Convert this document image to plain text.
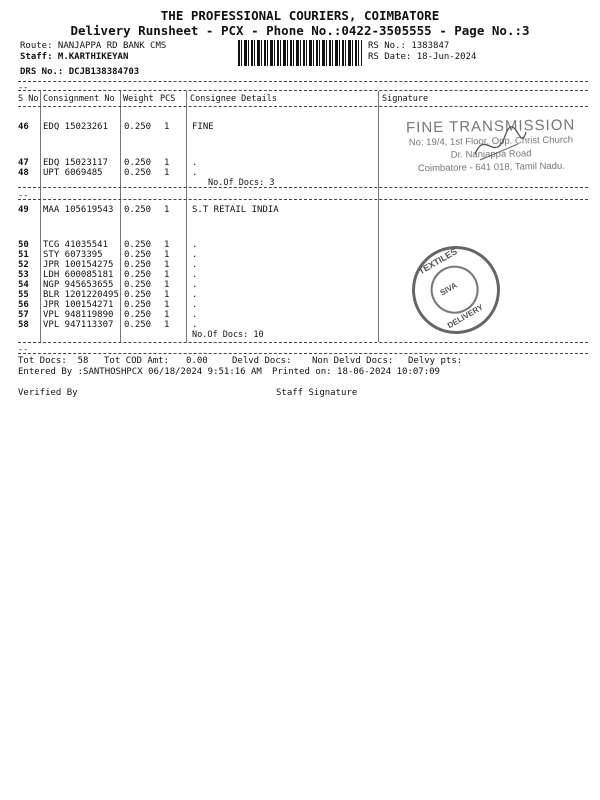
THE PROFESSIONAL COURIERS, COIMBATORE
Delivery Runsheet - PCX - Phone No.:0422-3505555 - Page No.:3
Route: NANJAPPA RD BANK CMS
Staff: M.KARTHIKEYAN
DRS No.: DCJB138384703
RS No.: 1383847
RS Date: 18-Jun-2024
--
S No Consignment No Weight PCS Consignee Details	Signature
46 EDQ 15023261 0.250 1	FINE
47 EDQ 15023117 0.250 1	.
48 UPT 6069485 0.250 1	.
No.Of Docs: 3
--
49 MAA 105619543 0.250 1	S.T RETAIL INDIA
50 TCG 41035541 0.250 1	.
51 STY 6073395 0.250 1	.
52 JPR 100154275 0.250 1	.
53 LDH 600085181 0.250 1	.
54 NGP 945653655 0.250 1	.
55 BLR 1201220495 0.250 1	.
56 JPR 100154271 0.250 1	.
57 VPL 948119890 0.250 1	.
58 VPL 947113307 0.250 1	.
No.Of Docs: 10
--
Tot Docs:  58 Tot COD Amt: 0.00	Delvd Docs: Non Delvd Docs: Delvy pts:
Entered By :SANTHOSHPCX 06/18/2024 9:51:16 AM Printed on: 18-06-2024 10:07:09
Verified By	Staff Signature
FINE TRANSMISSION
No: 19/4, 1st Floor, Opp. Christ Church
Dr. Nanjappa Road
Coimbatore - 641 018, Tamil Nadu.
TEXTILES
SIVA
DELIVERY
